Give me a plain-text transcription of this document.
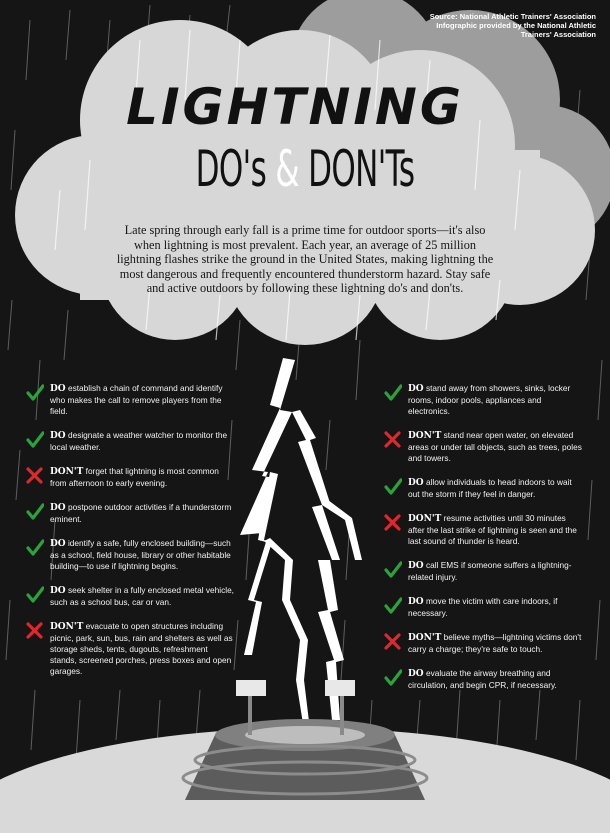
Source: National Athletic Trainers' Association
Infographic provided by the National Athletic
Trainers' Association
LIGHTNING
DO's & DON'Ts

Late spring through early fall is a prime time for outdoor sports—it's also when lightning is most prevalent. Each year, an average of 25 million lightning flashes strike the ground in the United States, making lightning the most dangerous and frequently encountered thunderstorm hazard. Stay safe and active outdoors by following these lightning do's and don'ts.

DO establish a chain of command and identify who makes the call to remove players from the field.
DO designate a weather watcher to monitor the local weather.
DON'T forget that lightning is most common from afternoon to early evening.
DO postpone outdoor activities if a thunderstorm eminent.
DO identify a safe, fully enclosed building—such as a school, field house, library or other habitable building—to use if lightning begins.
DO seek shelter in a fully enclosed metal vehicle, such as a school bus, car or van.
DON'T evacuate to open structures including picnic, park, sun, bus, rain and shelters as well as storage sheds, tents, dugouts, refreshment stands, screened porches, press boxes and open garages.
DO stand away from showers, sinks, locker rooms, indoor pools, appliances and electronics.
DON'T stand near open water, on elevated areas or under tall objects, such as trees, poles and towers.
DO allow individuals to head indoors to wait out the storm if they feel in danger.
DON'T resume activities until 30 minutes after the last strike of lightning is seen and the last sound of thunder is heard.
DO call EMS if someone suffers a lightning-related injury.
DO move the victim with care indoors, if necessary.
DON'T believe myths—lightning victims don't carry a charge; they're safe to touch.
DO evaluate the airway breathing and circulation, and begin CPR, if necessary.
